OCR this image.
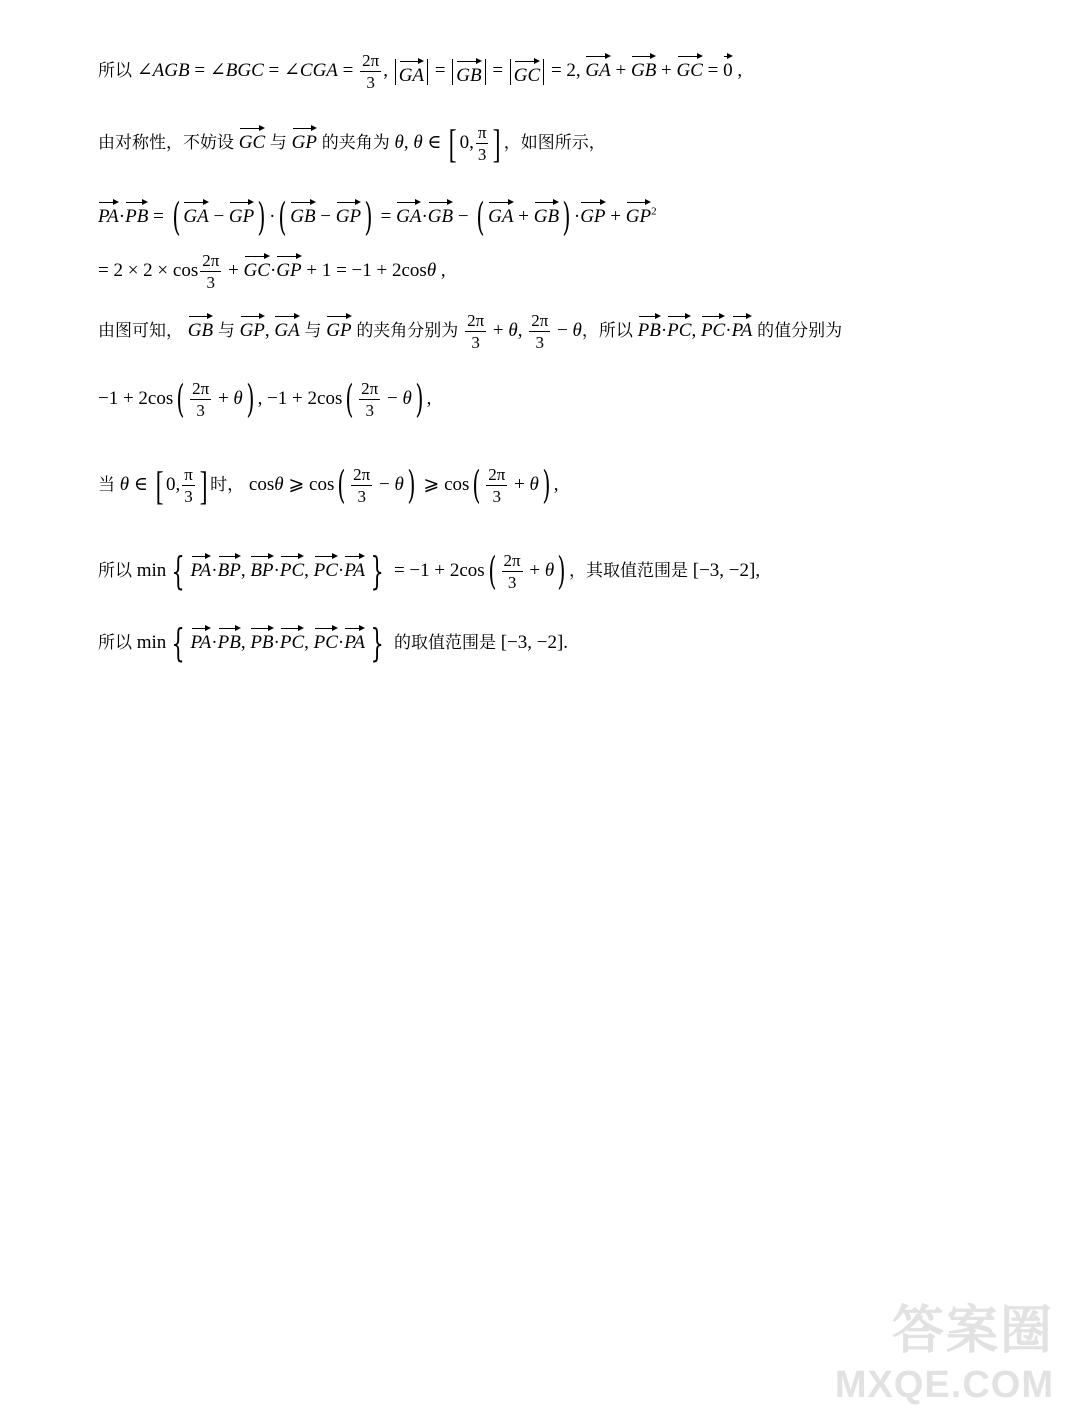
所以 ∠AGB = ∠BGC = ∠CGA = $\frac{2\pi}{3}$ , GA = GB = GC = 2, GA + GB + GC = 0 ,
由对称性，不妨设 GC 与 GP 的夹角为 θ, θ ∈ [ 0, $\frac{\pi}{3}$ ] ，如图所示，
PA·PB = ( GA − GP) ·( GB − GP) = GA·GB − ( GA + $GB) \cdot GP + GP^2$
= $2 \times 2 \times \cos \frac{2\pi}{3} + GC\cdot GP + 1 = -1 + 2\cos\theta$ ,
由图可知， GB 与 GP, GA 与 GP 的夹角分别为 $\frac{2\pi}{3} + \theta$, $\frac{2\pi}{3} - \theta$，所以 PB·PC, PC·PA 的值分别为
$-1 + 2\cos( \frac{2\pi}{3} + \theta)$ , $-1 + 2\cos( \frac{2\pi}{3} - \theta)$ ,
当 θ ∈ [ 0, $\frac{\pi}{3}$ ] 时， cosθ ⩾ $\cos( \frac{2\pi}{3} - \theta)$ ⩾ $\cos( \frac{2\pi}{3} + \theta)$ ,
所以 min { PA·BP, BP·PC, PC·PA } = $-1 + 2\cos( \frac{2\pi}{3} + \theta)$ ，其取值范围是 [−3, −2],
所以 min { PA·PB, PB·PC, PC·PA } 的取值范围是 [−3, −2].
答案圈
MXQE.COM
